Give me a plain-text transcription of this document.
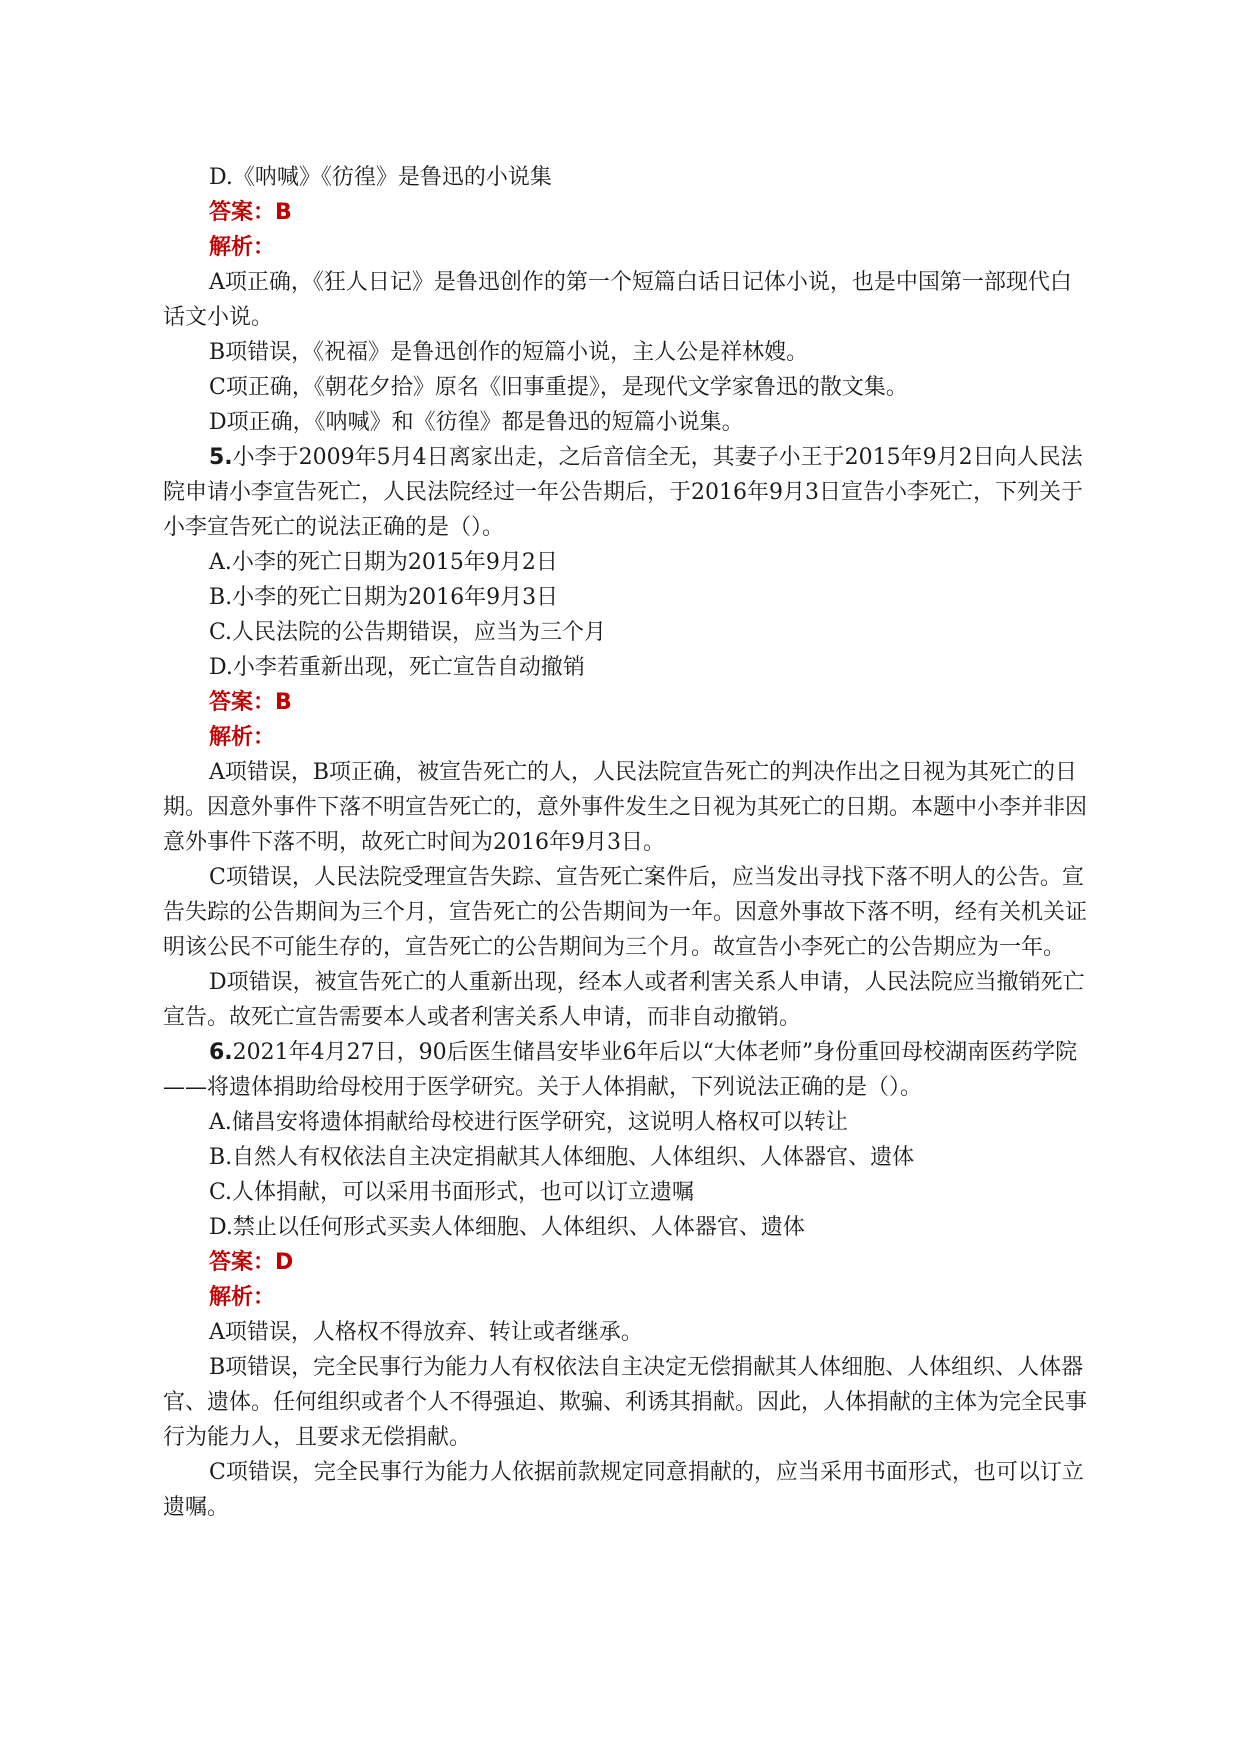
D.《呐喊》《彷徨》是鲁迅的小说集

答案：B

解析：

A项正确，《狂人日记》是鲁迅创作的第一个短篇白话日记体小说，也是中国第一部现代白话文小说。

B项错误，《祝福》是鲁迅创作的短篇小说，主人公是祥林嫂。

C项正确，《朝花夕拾》原名《旧事重提》，是现代文学家鲁迅的散文集。

D项正确，《呐喊》和《彷徨》都是鲁迅的短篇小说集。

5.小李于2009年5月4日离家出走，之后音信全无，其妻子小王于2015年9月2日向人民法院申请小李宣告死亡，人民法院经过一年公告期后，于2016年9月3日宣告小李死亡，下列关于小李宣告死亡的说法正确的是（）。

A.小李的死亡日期为2015年9月2日

B.小李的死亡日期为2016年9月3日

C.人民法院的公告期错误，应当为三个月

D.小李若重新出现，死亡宣告自动撤销

答案：B

解析：

A项错误，B项正确，被宣告死亡的人，人民法院宣告死亡的判决作出之日视为其死亡的日期。因意外事件下落不明宣告死亡的，意外事件发生之日视为其死亡的日期。本题中小李并非因意外事件下落不明，故死亡时间为2016年9月3日。

C项错误，人民法院受理宣告失踪、宣告死亡案件后，应当发出寻找下落不明人的公告。宣告失踪的公告期间为三个月，宣告死亡的公告期间为一年。因意外事故下落不明，经有关机关证明该公民不可能生存的，宣告死亡的公告期间为三个月。故宣告小李死亡的公告期应为一年。

D项错误，被宣告死亡的人重新出现，经本人或者利害关系人申请，人民法院应当撤销死亡宣告。故死亡宣告需要本人或者利害关系人申请，而非自动撤销。

6.2021年4月27日，90后医生储昌安毕业6年后以“大体老师”身份重回母校湖南医药学院——将遗体捐助给母校用于医学研究。关于人体捐献，下列说法正确的是（）。

A.储昌安将遗体捐献给母校进行医学研究，这说明人格权可以转让

B.自然人有权依法自主决定捐献其人体细胞、人体组织、人体器官、遗体

C.人体捐献，可以采用书面形式，也可以订立遗嘱

D.禁止以任何形式买卖人体细胞、人体组织、人体器官、遗体

答案：D

解析：

A项错误，人格权不得放弃、转让或者继承。

B项错误，完全民事行为能力人有权依法自主决定无偿捐献其人体细胞、人体组织、人体器官、遗体。任何组织或者个人不得强迫、欺骗、利诱其捐献。因此，人体捐献的主体为完全民事行为能力人，且要求无偿捐献。

C项错误，完全民事行为能力人依据前款规定同意捐献的，应当采用书面形式，也可以订立遗嘱。
